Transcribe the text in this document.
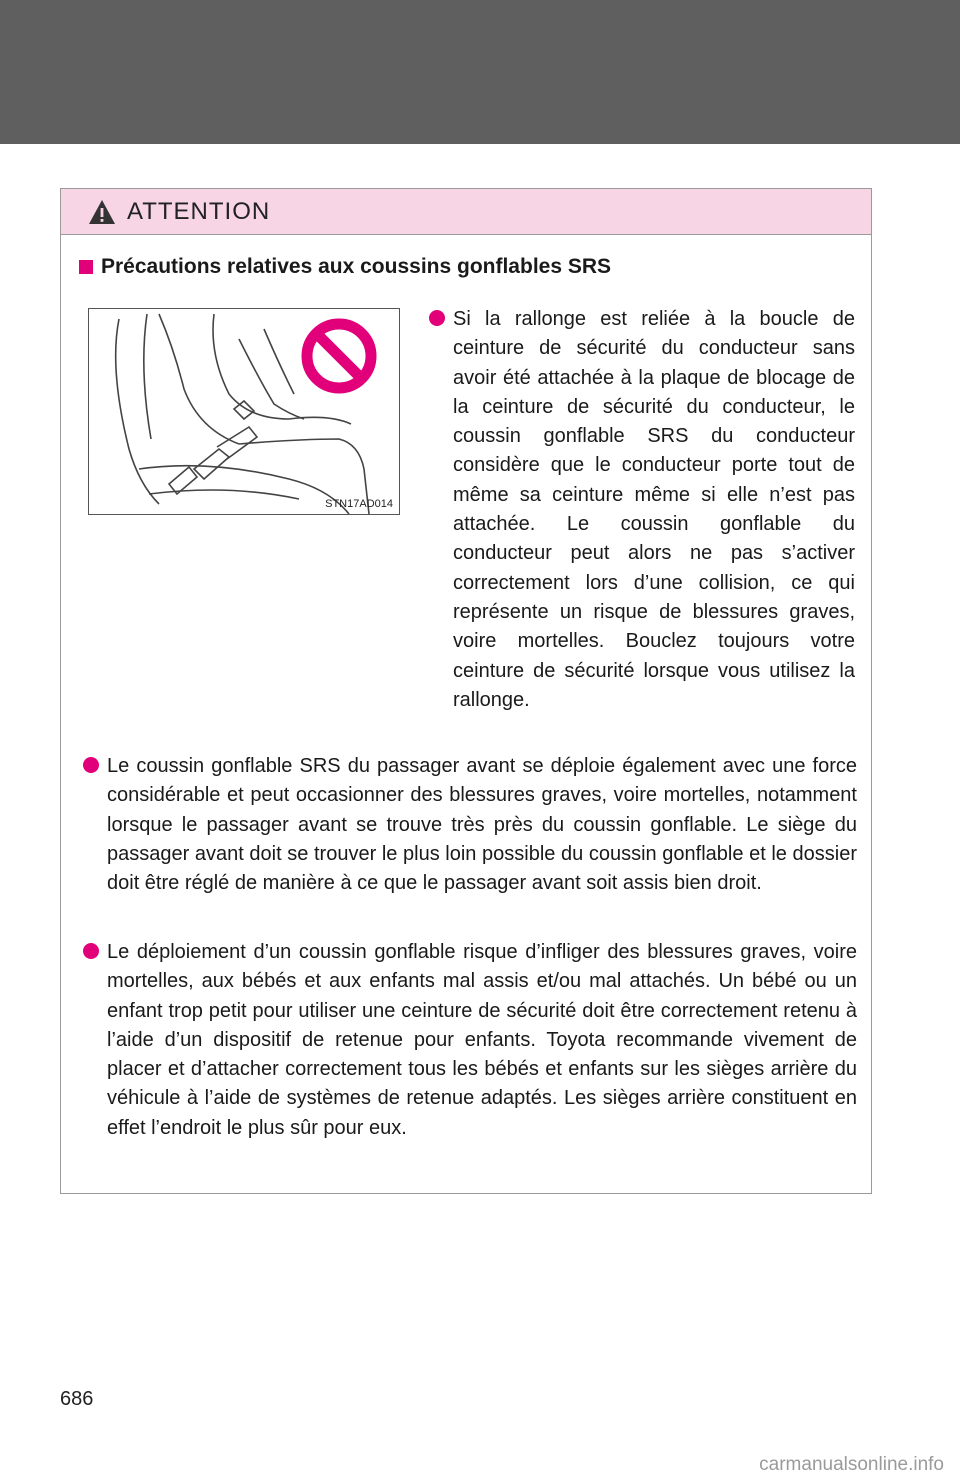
ATTENTION
Précautions relatives aux coussins gonflables SRS
STN17AD014
Si la rallonge est reliée à la boucle de ceinture de sécurité du conducteur sans avoir été attachée à la plaque de blocage de la ceinture de sécurité du conducteur, le coussin gonflable SRS du conducteur considère que le conducteur porte tout de même sa ceinture même si elle n’est pas attachée. Le coussin gonflable du conducteur peut alors ne pas s’activer correctement lors d’une collision, ce qui représente un risque de blessures graves, voire mortelles. Bouclez toujours votre ceinture de sécurité lorsque vous utilisez la rallonge.
Le coussin gonflable SRS du passager avant se déploie également avec une force considérable et peut occasionner des blessures graves, voire mortelles, notamment lorsque le passager avant se trouve très près du coussin gonflable. Le siège du passager avant doit se trouver le plus loin possible du coussin gonflable et le dossier doit être réglé de manière à ce que le passager avant soit assis bien droit.
Le déploiement d’un coussin gonflable risque d’infliger des blessures graves, voire mortelles, aux bébés et aux enfants mal assis et/ou mal attachés. Un bébé ou un enfant trop petit pour utiliser une ceinture de sécurité doit être correctement retenu à l’aide d’un dispositif de retenue pour enfants. Toyota recommande vivement de placer et d’attacher correctement tous les bébés et enfants sur les sièges arrière du véhicule à l’aide de systèmes de retenue adaptés. Les sièges arrière constituent en effet l’endroit le plus sûr pour eux.
686
carmanualsonline.info
